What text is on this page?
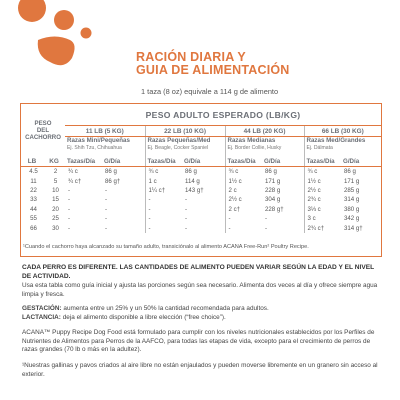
RACIÓN DIARIA Y
GUIA DE ALIMENTACIÓN
1 taza (8 oz) equivale a 114 g de alimento
PESO
DEL
CACHORRO		PESO ADULTO ESPERADO (LB/KG)							
		11 LB (5 KG)		22 LB (10 KG)		44 LB (20 KG)		66 LB (30 KG)	
		Razas Mini/Pequeñas
Ej. Shih Tzu, Chihuahua		Razas Pequeñas/Med
Ej. Beagle, Cocker Spaniel		Razas Medianas
Ej. Border Collie, Husky		Razas Med/Grandes
Ej. Dálmata	
LB	KG	Tazas/Día	G/Día	Tazas/Día	G/Día	Tazas/Día	G/Día	Tazas/Día	G/Día
4.5	2	¾ c	86 g	¾ c	86 g	¾ c	86 g	¾ c	86 g
11	5	¾ c†	86 g†	1 c	114 g	1½ c	171 g	1½ c	171 g
22	10	-	-	1¼ c†	143 g†	2 c	228 g	2½ c	285 g
33	15	-	-	-	-	2½ c	304 g	2¾ c	314 g
44	20	-	-	-	-	2 c†	228 g†	3⅓ c	380 g
55	25	-	-	-	-	-	-	3 c	342 g
66	30	-	-	-	-	-	-	2¾ c†	314 g†
¹Cuando el cachorro haya alcanzado su tamaño adulto, transiciónalo al alimento ACANA Free-Run² Poultry Recipe.
CADA PERRO ES DIFERENTE. LAS CANTIDADES DE ALIMENTO PUEDEN VARIAR SEGÚN LA EDAD Y EL NIVEL DE ACTIVIDAD.
Usa esta tabla como guía inicial y ajusta las porciones según sea necesario. Alimenta dos veces al día y ofrece siempre agua limpia y fresca.
GESTACIÓN: aumenta entre un 25% y un 50% la cantidad recomendada para adultos.
LACTANCIA: deja el alimento disponible a libre elección (“free choice”).
ACANA™ Puppy Recipe Dog Food está formulado para cumplir con los niveles nutricionales establecidos por los Perfiles de Nutrientes de Alimentos para Perros de la AAFCO, para todas las etapas de vida, excepto para el crecimiento de perros de razas grandes (70 lb o más en la adultez).
¹Nuestras gallinas y pavos criados al aire libre no están enjaulados y pueden moverse libremente en un granero sin acceso al exterior.
